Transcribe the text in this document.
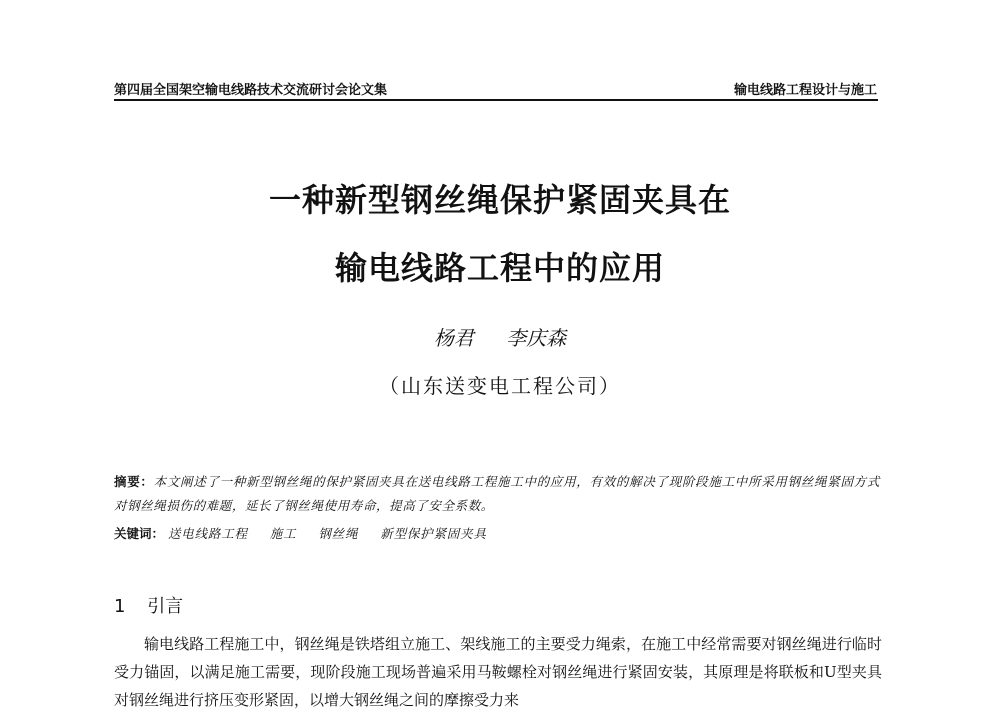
第四届全国架空输电线路技术交流研讨会论文集	输电线路工程设计与施工
一种新型钢丝绳保护紧固夹具在
输电线路工程中的应用
杨君 李庆森
（山东送变电工程公司）
摘要：本文阐述了一种新型钢丝绳的保护紧固夹具在送电线路工程施工中的应用，有效的解决了现阶段施工中所采用钢丝绳紧固方式对钢丝绳损伤的难题，延长了钢丝绳使用寿命，提高了安全系数。
关键词： 送电线路工程 施工 钢丝绳 新型保护紧固夹具
1 引言
输电线路工程施工中，钢丝绳是铁塔组立施工、架线施工的主要受力绳索，在施工中经常需要对钢丝绳进行临时受力锚固，以满足施工需要，现阶段施工现场普遍采用马鞍螺栓对钢丝绳进行紧固安装，其原理是将联板和U型夹具对钢丝绳进行挤压变形紧固，以增大钢丝绳之间的摩擦受力来
